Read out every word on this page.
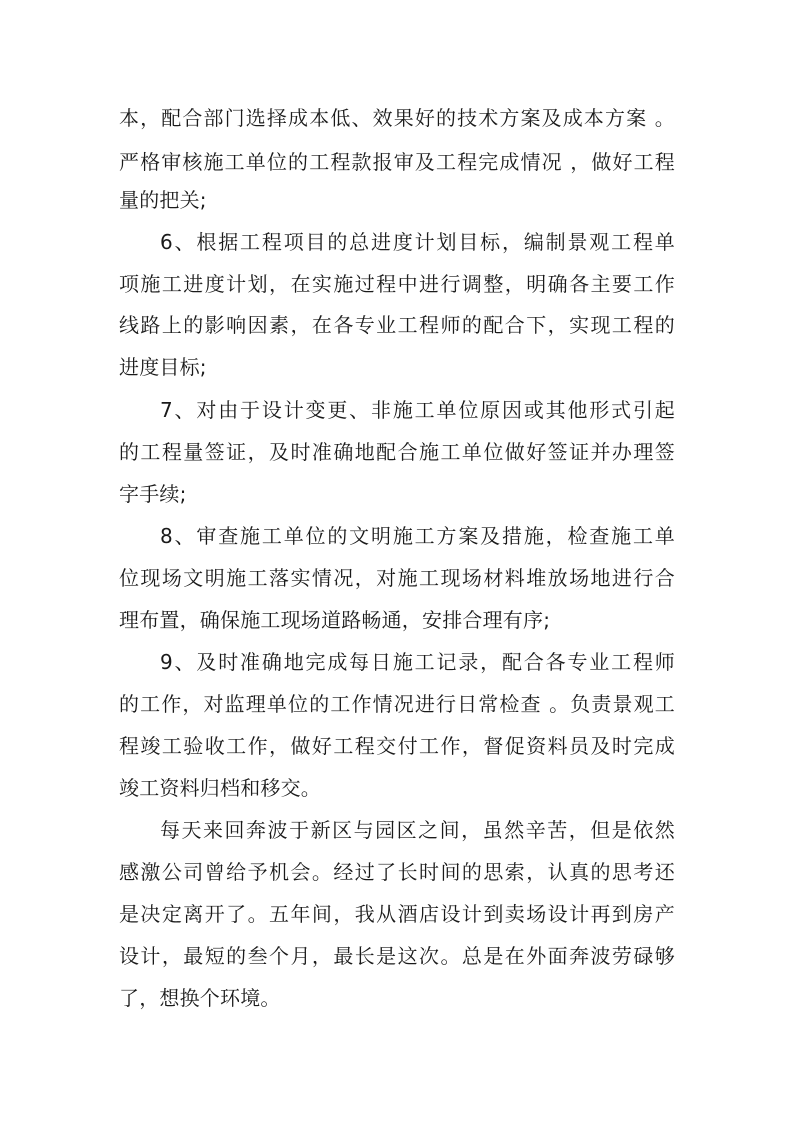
本，配合部门选择成本低、效果好的技术方案及成本方案 。
严格审核施工单位的工程款报审及工程完成情况 ，做好工程
量的把关;
6、根据工程项目的总进度计划目标，编制景观工程单
项施工进度计划，在实施过程中进行调整，明确各主要工作
线路上的影响因素，在各专业工程师的配合下，实现工程的
进度目标;
7、对由于设计变更、非施工单位原因或其他形式引起
的工程量签证，及时准确地配合施工单位做好签证并办理签
字手续;
8、审查施工单位的文明施工方案及措施，检查施工单
位现场文明施工落实情况，对施工现场材料堆放场地进行合
理布置，确保施工现场道路畅通，安排合理有序;
9、及时准确地完成每日施工记录，配合各专业工程师
的工作，对监理单位的工作情况进行日常检查 。负责景观工
程竣工验收工作，做好工程交付工作，督促资料员及时完成
竣工资料归档和移交。
每天来回奔波于新区与园区之间，虽然辛苦，但是依然
感激公司曾给予机会。经过了长时间的思索，认真的思考还
是决定离开了。五年间，我从酒店设计到卖场设计再到房产
设计，最短的叁个月，最长是这次。总是在外面奔波劳碌够
了，想换个环境。
